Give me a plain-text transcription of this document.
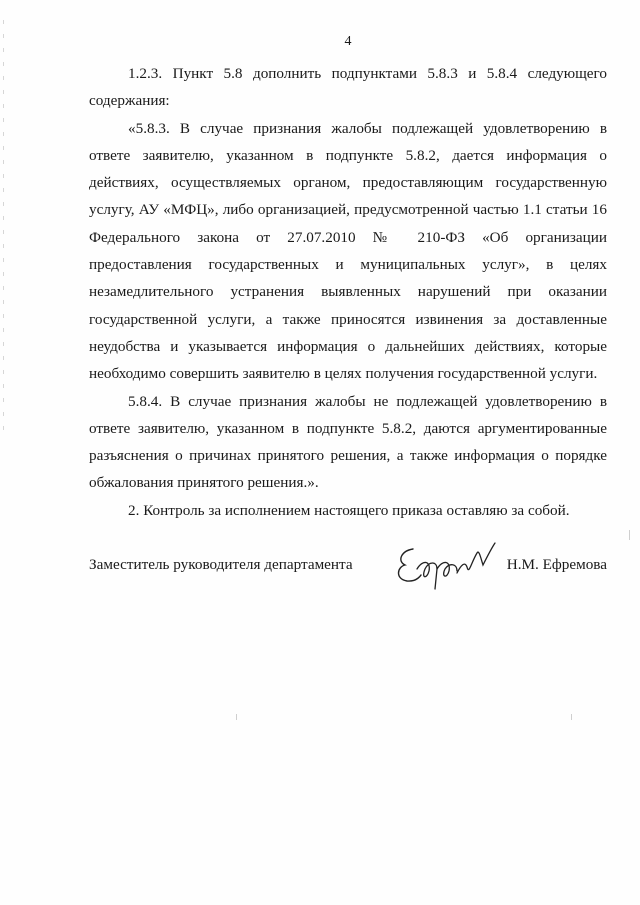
4

1.2.3. Пункт 5.8 дополнить подпунктами 5.8.3 и 5.8.4 следующего содержания:

«5.8.3. В случае признания жалобы подлежащей удовлетворению в ответе заявителю, указанном в подпункте 5.8.2, дается информация о действиях, осуществляемых органом, предоставляющим государственную услугу, АУ «МФЦ», либо организацией, предусмотренной частью 1.1 статьи 16 Федерального закона от 27.07.2010 № 210-ФЗ «Об организации предоставления государственных и муниципальных услуг», в целях незамедлительного устранения выявленных нарушений при оказании государственной услуги, а также приносятся извинения за доставленные неудобства и указывается информация о дальнейших действиях, которые необходимо совершить заявителю в целях получения государственной услуги.

5.8.4. В случае признания жалобы не подлежащей удовлетворению в ответе заявителю, указанном в подпункте 5.8.2, даются аргументированные разъяснения о причинах принятого решения, а также информация о порядке обжалования принятого решения.».

2. Контроль за исполнением настоящего приказа оставляю за собой.

Заместитель руководителя департамента	Н.М. Ефремова
